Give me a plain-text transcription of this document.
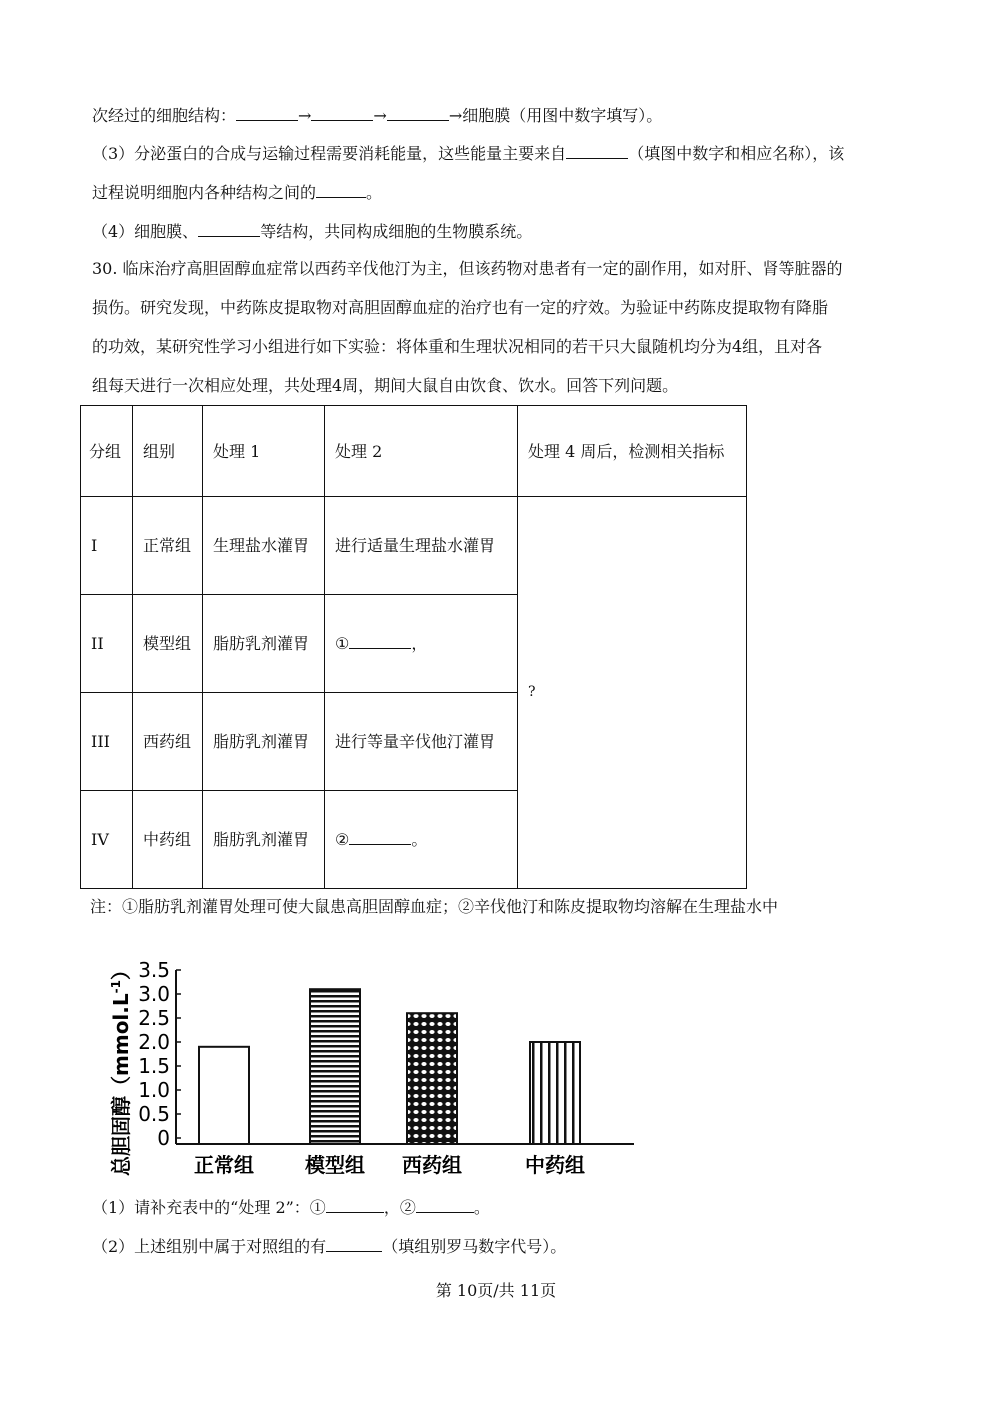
次经过的细胞结构：	→	→	→细胞膜（用图中数字填写）。
（3）分泌蛋白的合成与运输过程需要消耗能量，这些能量主要来自	（填图中数字和相应名称），该
过程说明细胞内各种结构之间的	。
（4）细胞膜、	等结构，共同构成细胞的生物膜系统。
30. 临床治疗高胆固醇血症常以西药辛伐他汀为主，但该药物对患者有一定的副作用，如对肝、肾等脏器的
损伤。研究发现，中药陈皮提取物对高胆固醇血症的治疗也有一定的疗效。为验证中药陈皮提取物有降脂
的功效，某研究性学习小组进行如下实验：将体重和生理状况相同的若干只大鼠随机均分为4组，且对各
组每天进行一次相应处理，共处理4周，期间大鼠自由饮食、饮水。回答下列问题。
分组	组别	处理 1	处理 2	处理 4 周后，检测相关指标
I	正常组	生理盐水灌胃	进行适量生理盐水灌胃	?
II	模型组	脂肪乳剂灌胃	① ，	
III	西药组	脂肪乳剂灌胃	进行等量辛伐他汀灌胃	
IV	中药组	脂肪乳剂灌胃	② 。	
注：①脂肪乳剂灌胃处理可使大鼠患高胆固醇血症；②辛伐他汀和陈皮提取物均溶解在生理盐水中
总胆固醇$(mmol.L^{-1})$
0
0.5
1.0
1.5
2.0
2.5
3.0
3.5
正常组	模型组 西药组	中药组
（1）请补充表中的“处理 2”：①	，②	。
（2）上述组别中属于对照组的有	（填组别罗马数字代号）。
第 10页/共 11页
